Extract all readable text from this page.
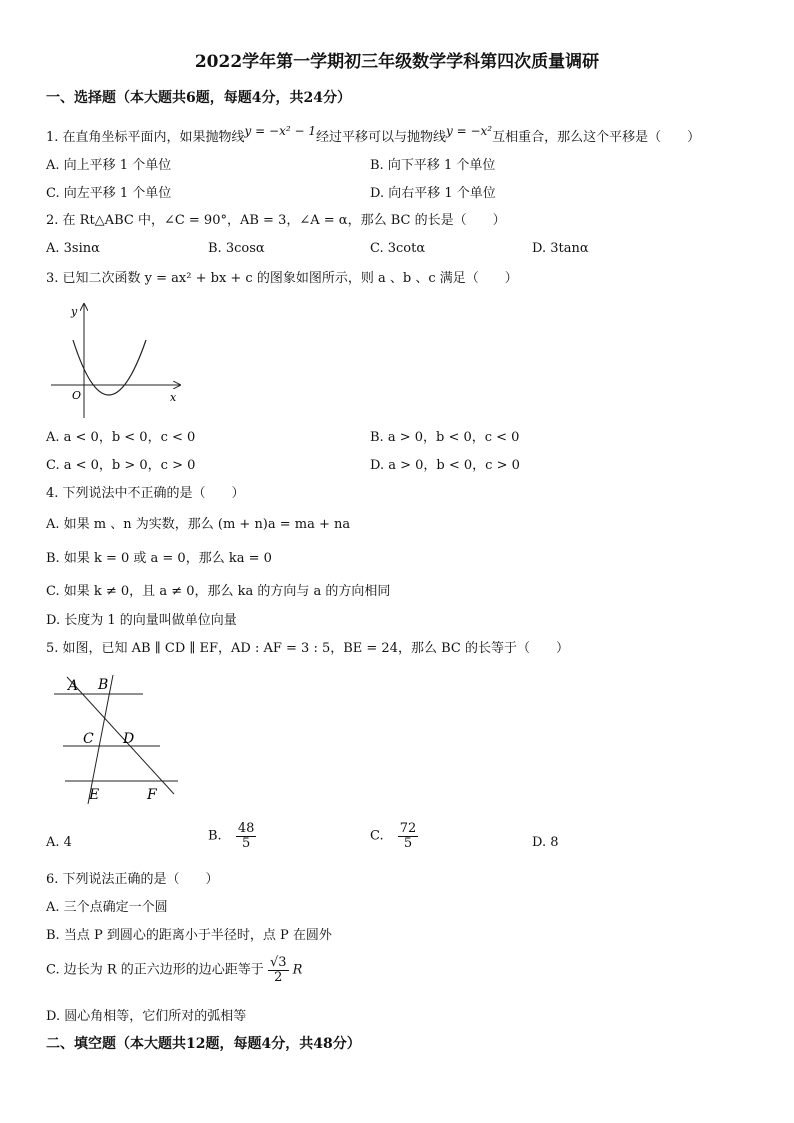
2022学年第一学期初三年级数学学科第四次质量调研
一、选择题（本大题共6题，每题4分，共24分）
1. 在直角坐标平面内，如果抛物线y = −x² − 1经过平移可以与抛物线y = −x²互相重合，那么这个平移是（　　）
A. 向上平移 1 个单位	B. 向下平移 1 个单位
C. 向左平移 1 个单位	D. 向右平移 1 个单位
2. 在 Rt△ABC 中，∠C = 90°，AB = 3，∠A = α，那么 BC 的长是（　　）
A. 3sinα	B. 3cosα	C. 3cotα	D. 3tanα
3. 已知二次函数 y = ax² + bx + c 的图象如图所示，则 a 、b 、c 满足（　　）
y
x
O
A. a < 0，b < 0，c < 0	B. a > 0，b < 0，c < 0
C. a < 0，b > 0，c > 0	D. a > 0，b < 0，c > 0
4. 下列说法中不正确的是（　　）
A. 如果 m 、n 为实数，那么 (m + n)a = ma + na
B. 如果 k = 0 或 a = 0，那么 ka = 0
C. 如果 k ≠ 0，且 a ≠ 0，那么 ka 的方向与 a 的方向相同
D. 长度为 1 的向量叫做单位向量
5. 如图，已知 AB ∥ CD ∥ EF，AD : AF = 3 : 5，BE = 24，那么 BC 的长等于（　　）
A B
C D
E	F
A. 4	B. $\frac{48}{5}$	C. $\frac{72}{5}$	D. 8
6. 下列说法正确的是（　　）
A. 三个点确定一个圆
B. 当点 P 到圆心的距离小于半径时，点 P 在圆外
C. 边长为 R 的正六边形的边心距等于 $\frac{√3}{2}$ R
D. 圆心角相等，它们所对的弧相等
二、填空题（本大题共12题，每题4分，共48分）
